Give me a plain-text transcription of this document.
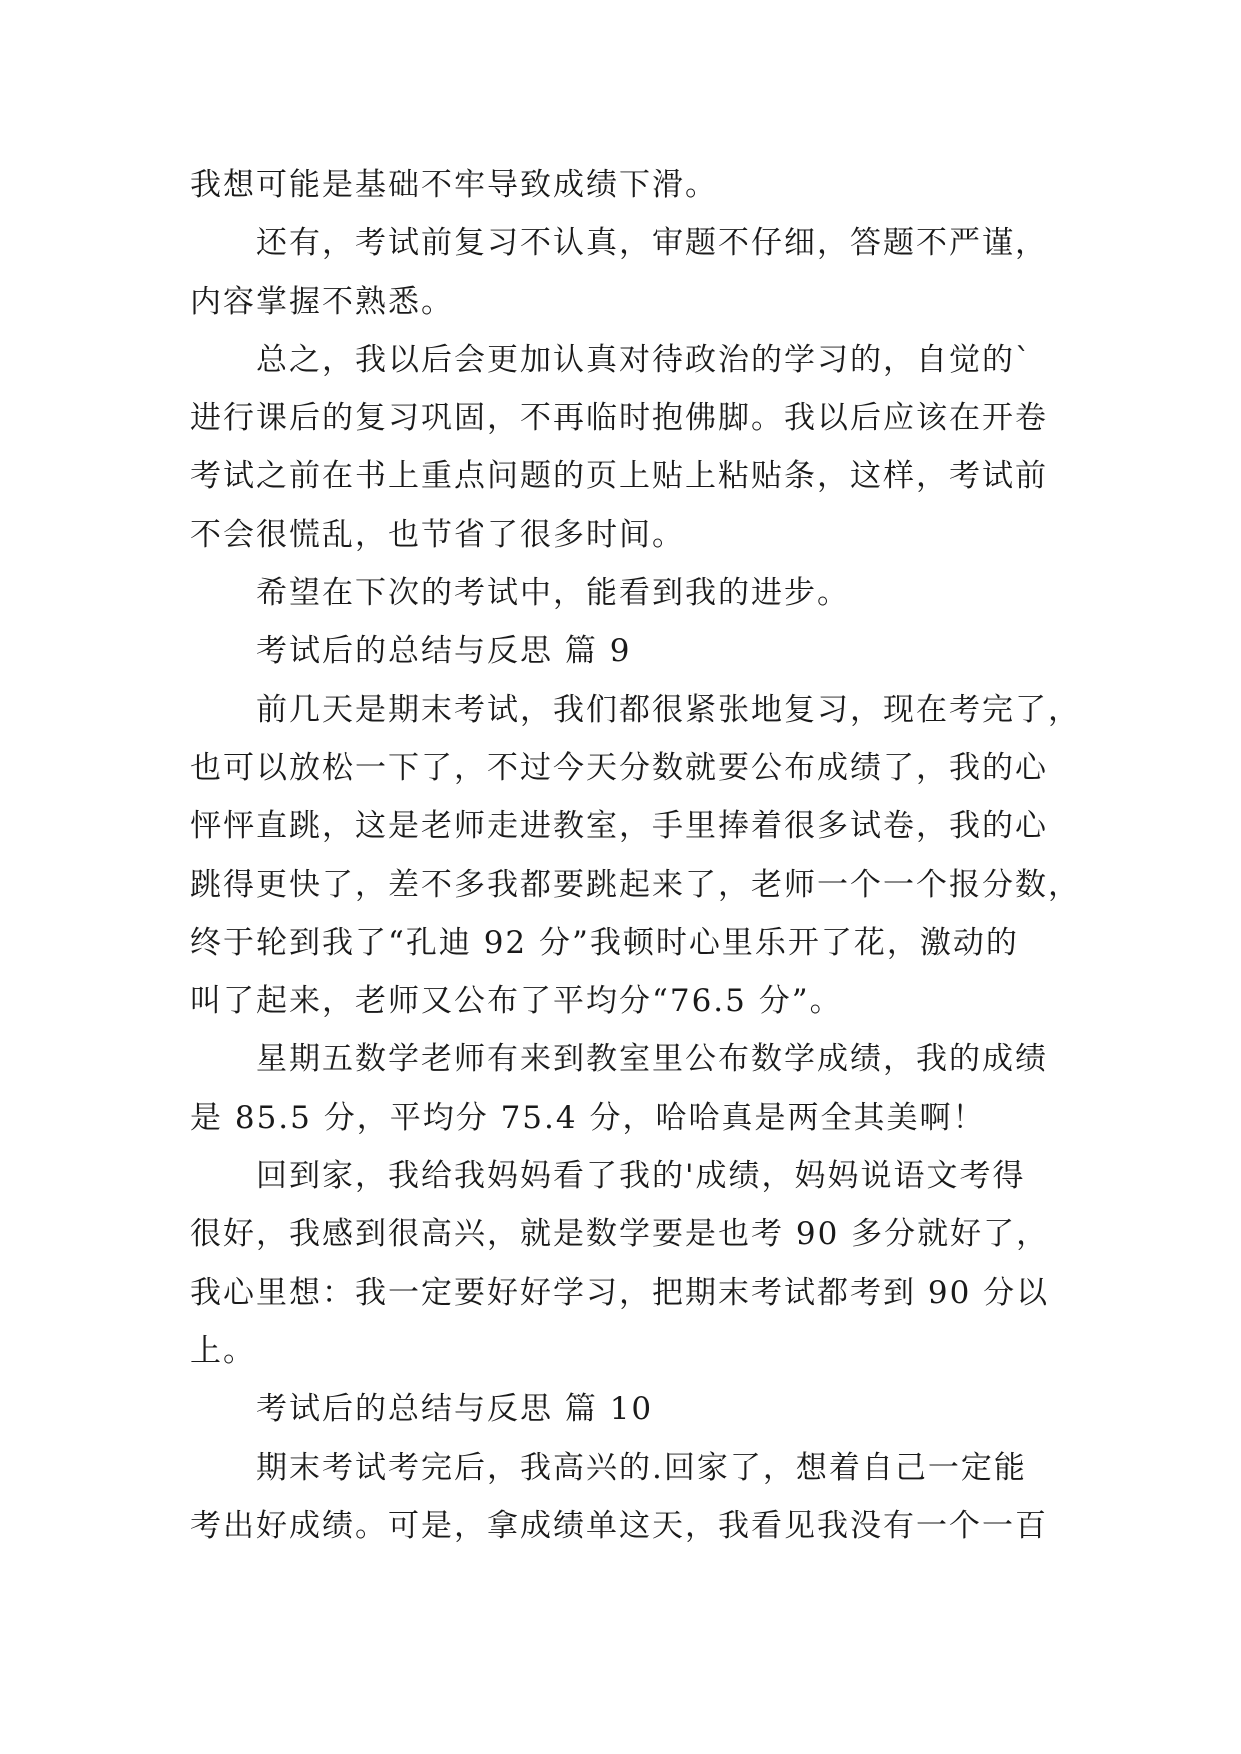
我想可能是基础不牢导致成绩下滑。
还有，考试前复习不认真，审题不仔细，答题不严谨，
内容掌握不熟悉。
总之，我以后会更加认真对待政治的学习的，自觉的`
进行课后的复习巩固，不再临时抱佛脚。我以后应该在开卷
考试之前在书上重点问题的页上贴上粘贴条，这样，考试前
不会很慌乱，也节省了很多时间。
希望在下次的考试中，能看到我的进步。
考试后的总结与反思 篇 9
前几天是期末考试，我们都很紧张地复习，现在考完了，
也可以放松一下了，不过今天分数就要公布成绩了，我的心
怦怦直跳，这是老师走进教室，手里捧着很多试卷，我的心
跳得更快了，差不多我都要跳起来了，老师一个一个报分数，
终于轮到我了“孔迪 92 分”我顿时心里乐开了花，激动的
叫了起来，老师又公布了平均分“76.5 分”。
星期五数学老师有来到教室里公布数学成绩，我的成绩
是 85.5 分，平均分 75.4 分，哈哈真是两全其美啊！
回到家，我给我妈妈看了我的'成绩，妈妈说语文考得
很好，我感到很高兴，就是数学要是也考 90 多分就好了，
我心里想：我一定要好好学习，把期末考试都考到 90 分以
上。
考试后的总结与反思 篇 10
期末考试考完后，我高兴的.回家了，想着自己一定能
考出好成绩。可是，拿成绩单这天，我看见我没有一个一百
